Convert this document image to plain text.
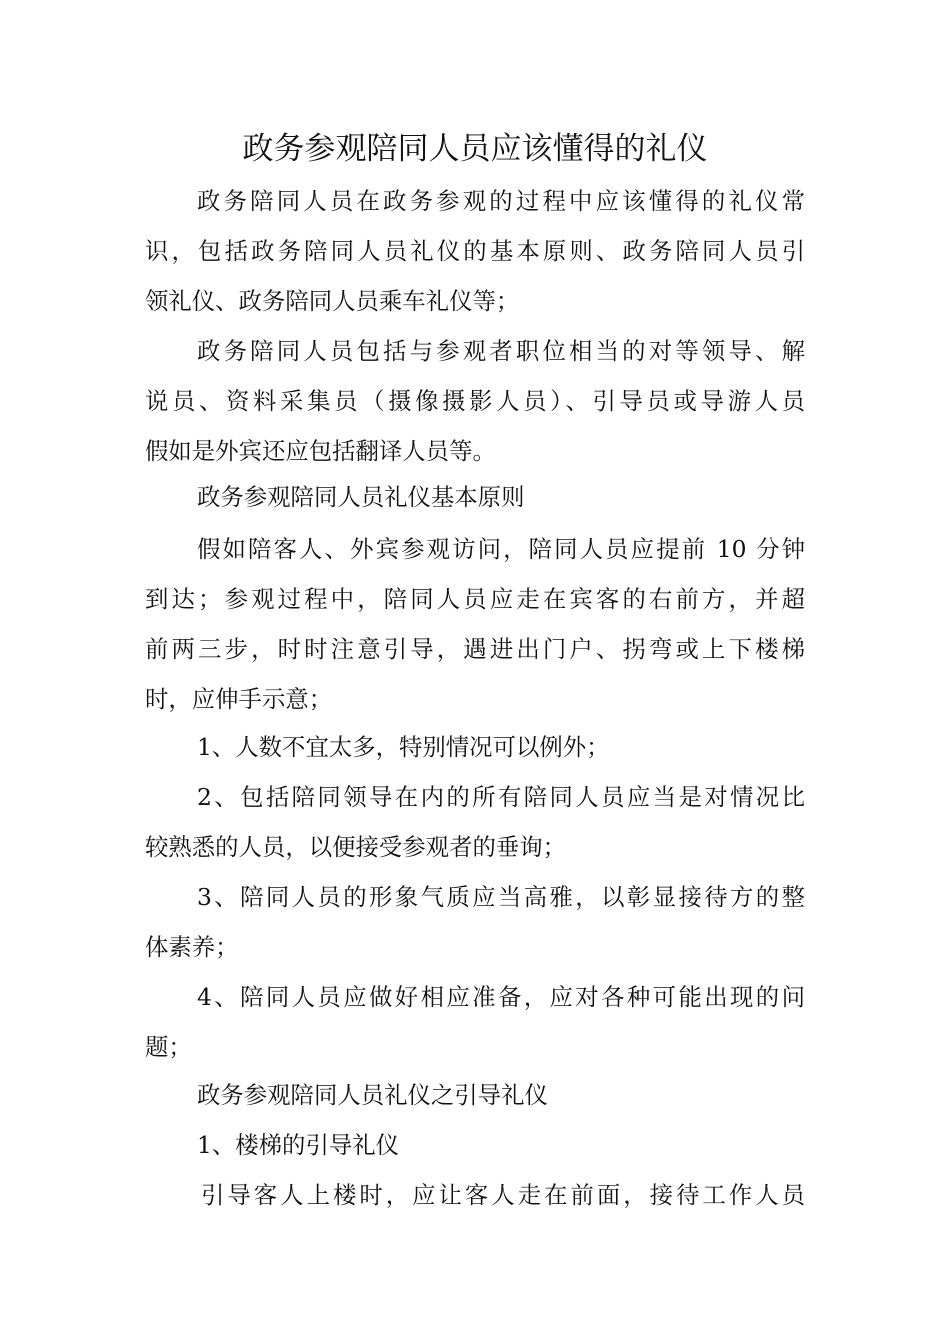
政务参观陪同人员应该懂得的礼仪
政务陪同人员在政务参观的过程中应该懂得的礼仪常
识，包括政务陪同人员礼仪的基本原则、政务陪同人员引
领礼仪、政务陪同人员乘车礼仪等；
政务陪同人员包括与参观者职位相当的对等领导、解
说员、资料采集员（摄像摄影人员）、引导员或导游人员
假如是外宾还应包括翻译人员等。
政务参观陪同人员礼仪基本原则
假如陪客人、外宾参观访问，陪同人员应提前 10 分钟
到达；参观过程中，陪同人员应走在宾客的右前方，并超
前两三步，时时注意引导，遇进出门户、拐弯或上下楼梯
时，应伸手示意；
1、人数不宜太多，特别情况可以例外；
2、包括陪同领导在内的所有陪同人员应当是对情况比
较熟悉的人员，以便接受参观者的垂询；
3、陪同人员的形象气质应当高雅，以彰显接待方的整
体素养；
4、陪同人员应做好相应准备，应对各种可能出现的问
题；
政务参观陪同人员礼仪之引导礼仪
1、楼梯的引导礼仪
引导客人上楼时，应让客人走在前面，接待工作人员
